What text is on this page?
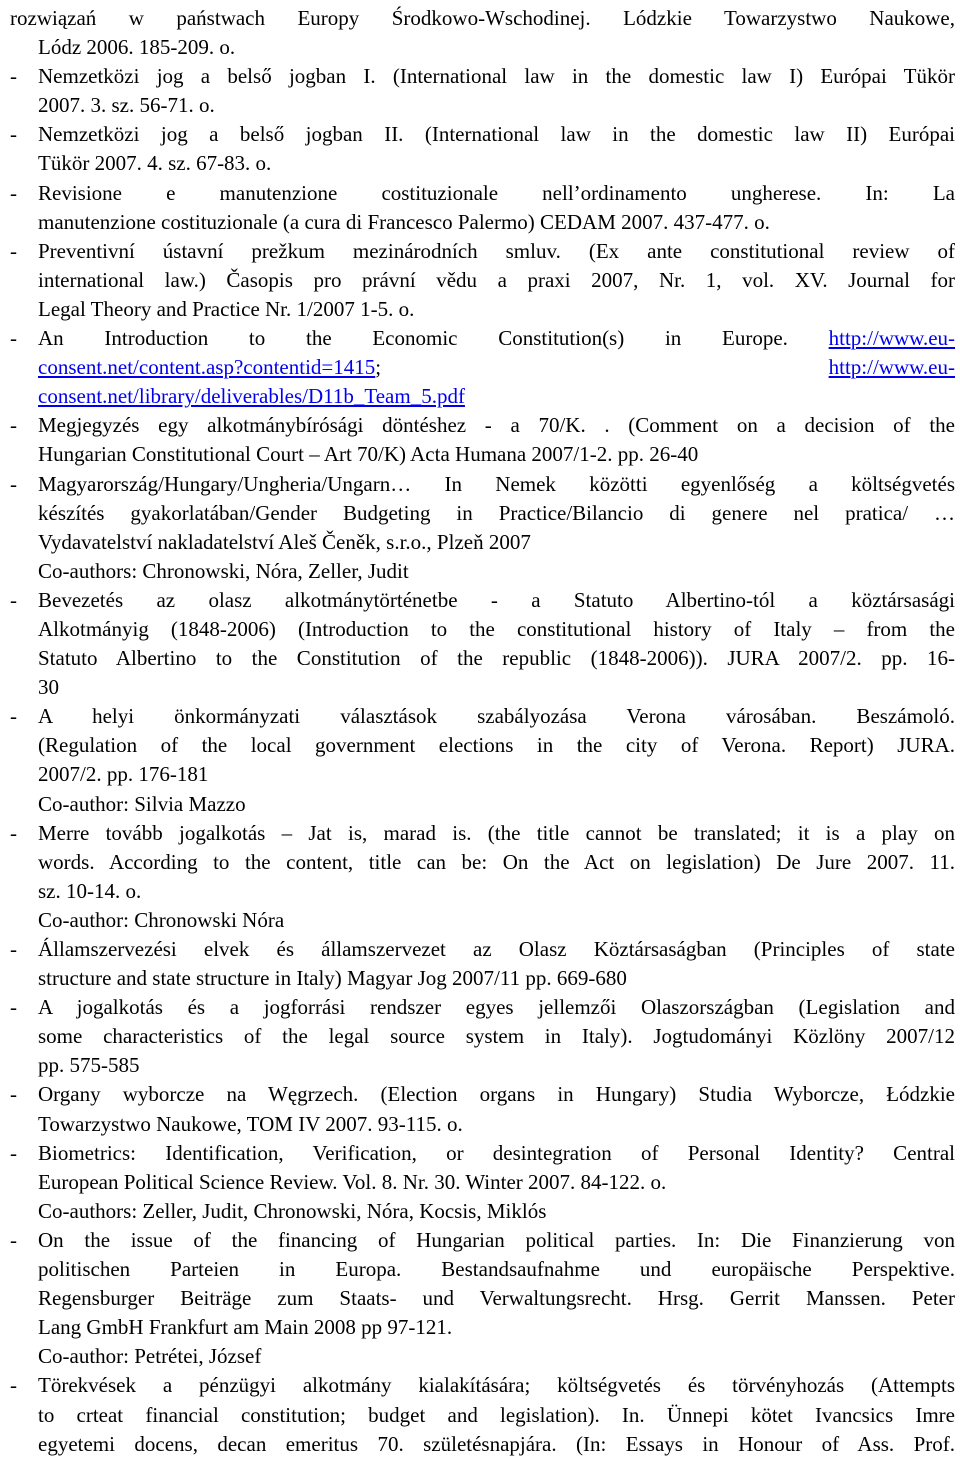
rozwiązań w państwach Europy Środkowo-Wschodinej. Lódzkie Towarzystwo Naukowe,
Lódz 2006. 185-209. o.
- Nemzetközi jog a belső jogban I. (International law in the domestic law I) Európai Tükör
2007. 3. sz. 56-71. o.
- Nemzetközi jog a belső jogban II. (International law in the domestic law II) Európai
Tükör 2007. 4. sz. 67-83. o.
- Revisione e manutenzione costituzionale nell’ordinamento ungherese. In: La
manutenzione costituzionale (a cura di Francesco Palermo) CEDAM 2007. 437-477. o.
- Preventivní ústavní prežkum mezinárodních smluv. (Ex ante constitutional review of
international law.) Časopis pro právní vědu a praxi 2007, Nr. 1, vol. XV. Journal for
Legal Theory and Practice Nr. 1/2007 1-5. o.
- An Introduction to the Economic Constitution(s) in Europe. http://www.eu-
consent.net/content.asp?contentid=1415;	http://www.eu-
consent.net/library/deliverables/D11b_Team_5.pdf
- Megjegyzés egy alkotmánybírósági döntéshez - a 70/K. . (Comment on a decision of the
Hungarian Constitutional Court – Art 70/K) Acta Humana 2007/1-2. pp. 26-40
- Magyarország/Hungary/Ungheria/Ungarn… In Nemek közötti egyenlőség a költségvetés
készítés gyakorlatában/Gender Budgeting in Practice/Bilancio di genere nel pratica/ …
Vydavatelství nakladatelství Aleš Čeněk, s.r.o., Plzeň 2007
Co-authors: Chronowski, Nóra, Zeller, Judit
- Bevezetés az olasz alkotmánytörténetbe - a Statuto Albertino-tól a köztársasági
Alkotmányig (1848-2006) (Introduction to the constitutional history of Italy – from the
Statuto Albertino to the Constitution of the republic (1848-2006)). JURA 2007/2. pp. 16-
30
- A helyi önkormányzati választások szabályozása Verona városában. Beszámoló.
(Regulation of the local government elections in the city of Verona. Report) JURA.
2007/2. pp. 176-181
Co-author: Silvia Mazzo
- Merre tovább jogalkotás – Jat is, marad is. (the title cannot be translated; it is a play on
words. According to the content, title can be: On the Act on legislation) De Jure 2007. 11.
sz. 10-14. o.
Co-author: Chronowski Nóra
- Államszervezési elvek és államszervezet az Olasz Köztársaságban (Principles of state
structure and state structure in Italy) Magyar Jog 2007/11 pp. 669-680
- A jogalkotás és a jogforrási rendszer egyes jellemzői Olaszországban (Legislation and
some characteristics of the legal source system in Italy). Jogtudományi Közlöny 2007/12
pp. 575-585
- Organy wyborcze na Węgrzech. (Election organs in Hungary) Studia Wyborcze, Łódzkie
Towarzystwo Naukowe, TOM IV 2007. 93-115. o.
- Biometrics: Identification, Verification, or desintegration of Personal Identity? Central
European Political Science Review. Vol. 8. Nr. 30. Winter 2007. 84-122. o.
Co-authors: Zeller, Judit, Chronowski, Nóra, Kocsis, Miklós
- On the issue of the financing of Hungarian political parties. In: Die Finanzierung von
politischen Parteien in Europa. Bestandsaufnahme und europäische Perspektive.
Regensburger Beiträge zum Staats- und Verwaltungsrecht. Hrsg. Gerrit Manssen. Peter
Lang GmbH Frankfurt am Main 2008 pp 97-121.
Co-author: Petrétei, József
- Törekvések a pénzügyi alkotmány kialakítására; költségvetés és törvényhozás (Attempts
to crteat financial constitution; budget and legislation). In. Ünnepi kötet Ivancsics Imre
egyetemi docens, decan emeritus 70. születésnapjára. (In: Essays in Honour of Ass. Prof.
